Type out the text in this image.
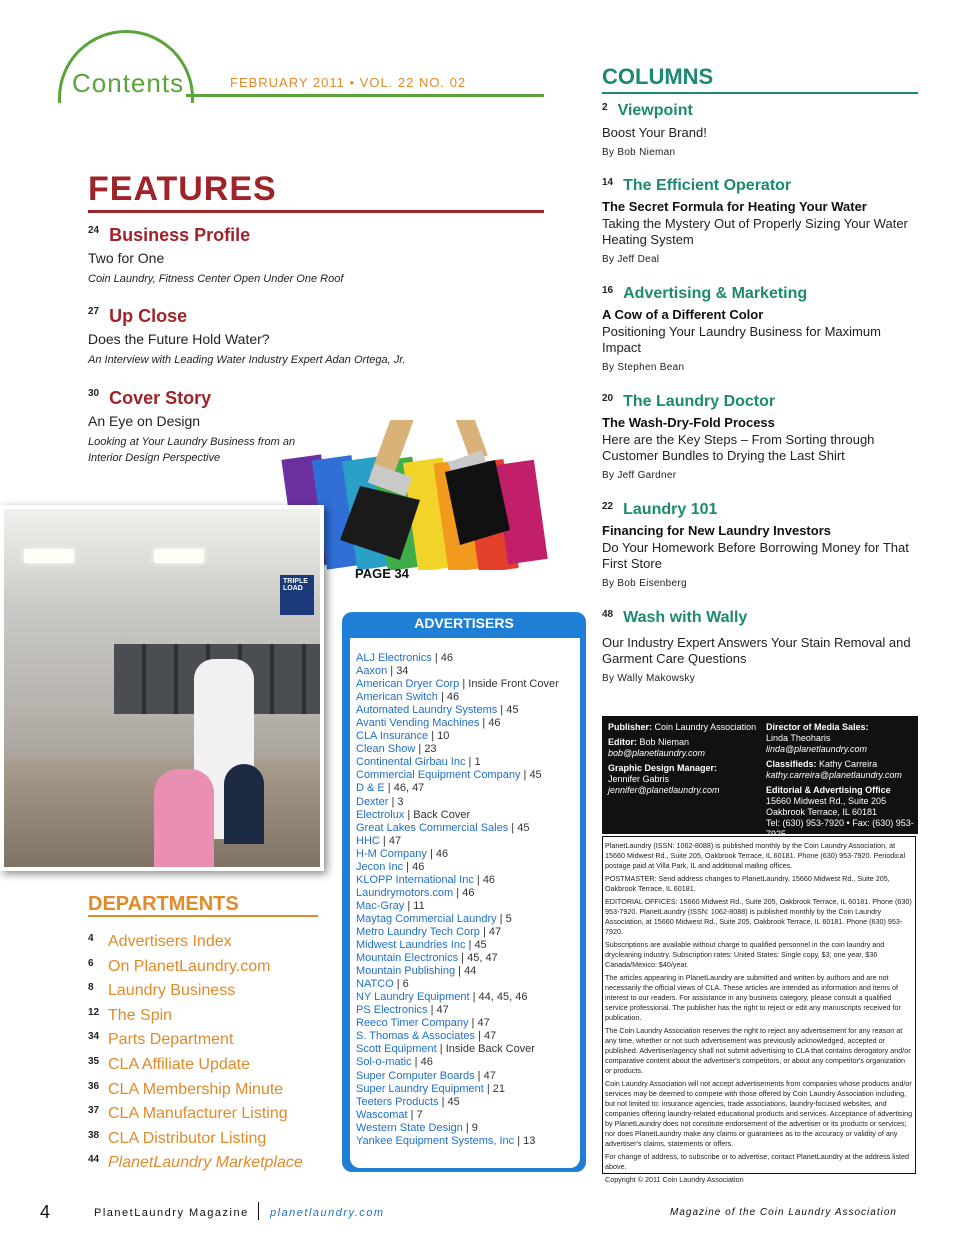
Contents	FEBRUARY 2011 • VOL. 22 NO. 02
FEATURES
$^{24}$ Business Profile
Two for One
Coin Laundry, Fitness Center Open Under One Roof
$^{27}$ Up Close
Does the Future Hold Water?
An Interview with Leading Water Industry Expert Adan Ortega, Jr.
$^{30}$ Cover Story
An Eye on Design
Looking at Your Laundry Business from an Interior Design Perspective
PAGE 34
TRIPLE LOAD
DEPARTMENTS
4 Advertisers Index
6 On PlanetLaundry.com
8 Laundry Business
12 The Spin
34 Parts Department
35 CLA Affiliate Update
36 CLA Membership Minute
37 CLA Manufacturer Listing
38 CLA Distributor Listing
44 PlanetLaundry Marketplace
ADVERTISERS
ALJ Electronics | 46
Aaxon | 34
American Dryer Corp | Inside Front Cover
American Switch | 46
Automated Laundry Systems | 45
Avanti Vending Machines | 46
CLA Insurance | 10
Clean Show | 23
Continental Girbau Inc | 1
Commercial Equipment Company | 45
D & E | 46, 47
Dexter | 3
Electrolux | Back Cover
Great Lakes Commercial Sales | 45
HHC | 47
H-M Company | 46
Jecon Inc | 46
KLOPP International Inc | 46
Laundrymotors.com | 46
Mac-Gray | 11
Maytag Commercial Laundry | 5
Metro Laundry Tech Corp | 47
Midwest Laundries Inc | 45
Mountain Electronics | 45, 47
Mountain Publishing | 44
NATCO | 6
NY Laundry Equipment | 44, 45, 46
PS Electronics | 47
Reeco Timer Company | 47
S. Thomas & Associates | 47
Scott Equipment | Inside Back Cover
Sol-o-matic | 46
Super Computer Boards | 47
Super Laundry Equipment | 21
Teeters Products | 45
Wascomat | 7
Western State Design | 9
Yankee Equipment Systems, Inc | 13
COLUMNS
$^2$ Viewpoint
Boost Your Brand!
By Bob Nieman
$^{14}$ The Efficient Operator
The Secret Formula for Heating Your Water
Taking the Mystery Out of Properly Sizing Your Water Heating System
By Jeff Deal
$^{16}$ Advertising & Marketing
A Cow of a Different Color
Positioning Your Laundry Business for Maximum Impact
By Stephen Bean
$^{20}$ The Laundry Doctor
The Wash-Dry-Fold Process
Here are the Key Steps – From Sorting through Customer Bundles to Drying the Last Shirt
By Jeff Gardner
$^{22}$ Laundry 101
Financing for New Laundry Investors
Do Your Homework Before Borrowing Money for That First Store
By Bob Eisenberg
$^{48}$ Wash with Wally
Our Industry Expert Answers Your Stain Removal and Garment Care Questions
By Wally Makowsky
Publisher: Coin Laundry Association
Editor: Bob Nieman
bob@planetlaundry.com
Graphic Design Manager:
Jennifer Gabris
jennifer@planetlaundry.com
Director of Media Sales:
Linda Theoharis
linda@planetlaundry.com
Classifieds: Kathy Carreira
kathy.carreira@planetlaundry.com
Editorial & Advertising Office
15660 Midwest Rd., Suite 205
Oakbrook Terrace, IL 60181
Tel: (630) 953-7920 • Fax: (630) 953-7925

PlanetLaundry (ISSN: 1062-8088) is published monthly by the Coin Laundry Association, at 15660 Midwest Rd., Suite 205, Oakbrook Terrace, IL 60181. Phone (630) 953-7920. Periodical postage paid at Villa Park, IL and additional mailing offices.

POSTMASTER: Send address changes to PlanetLaundry, 15660 Midwest Rd., Suite 205, Oakbrook Terrace, IL 60181.

EDITORIAL OFFICES: 15660 Midwest Rd., Suite 205, Oakbrook Terrace, IL 60181. Phone (630) 953-7920. PlanetLaundry (ISSN: 1062-8088) is published monthly by the Coin Laundry Association, at 15660 Midwest Rd., Suite 205, Oakbrook Terrace, IL 60181. Phone (630) 953-7920.

Subscriptions are available without charge to qualified personnel in the coin laundry and drycleaning industry. Subscription rates: United States: Single copy, $3; one year, $36 Canada/Mexico: $40/year.

The articles appearing in PlanetLaundry are submitted and written by authors and are not necessarily the official views of CLA. These articles are intended as information and items of interest to our readers. For assistance in any business category, please consult a qualified service professional. The publisher has the right to reject or edit any manuscripts received for publication.

The Coin Laundry Association reserves the right to reject any advertisement for any reason at any time, whether or not such advertisement was previously acknowledged, accepted or published. Advertiser/agency shall not submit advertising to CLA that contains derogatory and/or comparative content about the advertiser's competitors, or about any competitor's organization or products.

Coin Laundry Association will not accept advertisements from companies whose products and/or services may be deemed to compete with those offered by Coin Laundry Association including, but not limited to: insurance agencies, trade associations, laundry-focused websites, and companies offering laundry-related educational products and services. Acceptance of advertising by PlanetLaundry does not constitute endorsement of the advertiser or its products or services; nor does PlanetLaundry make any claims or guarantees as to the accuracy or validity of any advertiser's claims, statements or offers.

For change of address, to subscribe or to advertise, contact PlanetLaundry at the address listed above.

Copyright © 2011 Coin Laundry Association

4	PlanetLaundry Magazine planetlaundry.com	Magazine of the Coin Laundry Association
